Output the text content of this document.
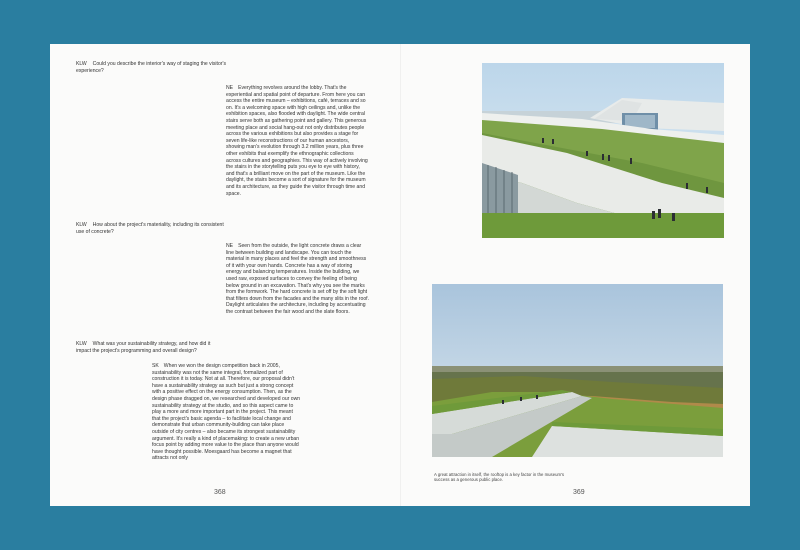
KLW Could you describe the interior's way of staging the visitor's experience?
NE Everything revolves around the lobby. That's the experiential and spatial point of departure. From here you can access the entire museum – exhibitions, café, terraces and so on. It's a welcoming space with high ceilings and, unlike the exhibition spaces, also flooded with daylight. The wide central stairs serve both as gathering point and gallery. This generous meeting place and social hang-out not only distributes people across the various exhibitions but also provides a stage for seven life-like reconstructions of our human ancestors, showing man's evolution through 3.2 million years, plus three other exhibits that exemplify the ethnographic collections across cultures and geographies. This way of actively involving the stairs in the storytelling puts you eye to eye with history, and that's a brilliant move on the part of the museum. Like the daylight, the stairs become a sort of signature for the museum and its architecture, as they guide the visitor through time and space.
KLW How about the project's materiality, including its consistent use of concrete?
NE Seen from the outside, the light concrete draws a clear line between building and landscape. You can touch the material in many places and feel the strength and smoothness of it with your own hands. Concrete has a way of storing energy and balancing temperatures. Inside the building, we used raw, exposed surfaces to convey the feeling of being below ground in an excavation. That's why you see the marks from the formwork. The hard concrete is set off by the soft light that filters down from the facades and the many slits in the roof. Daylight articulates the architecture, including by accentuating the contrast between the fair wood and the slate floors.
KLW What was your sustainability strategy, and how did it impact the project's programming and overall design?
SK When we won the design competition back in 2005, sustainability was not the same integral, formalized part of construction it is today. Not at all. Therefore, our proposal didn't have a sustainability strategy as such but just a strong concept with a positive effect on the energy consumption. Then, as the design phase dragged on, we researched and developed our own sustainability strategy at the studio, and so this aspect came to play a more and more important part in the project. This meant that the project's basic agenda – to facilitate local change and demonstrate that urban community-building can take place outside of city centres – also became its strongest sustainability argument. It's really a kind of placemaking: to create a new urban focus point by adding more value to the place than anyone would have thought possible. Moesgaard has become a magnet that attracts not only
368	369
A great attraction in itself, the rooftop is a key factor in the museum's success as a generous public place.
